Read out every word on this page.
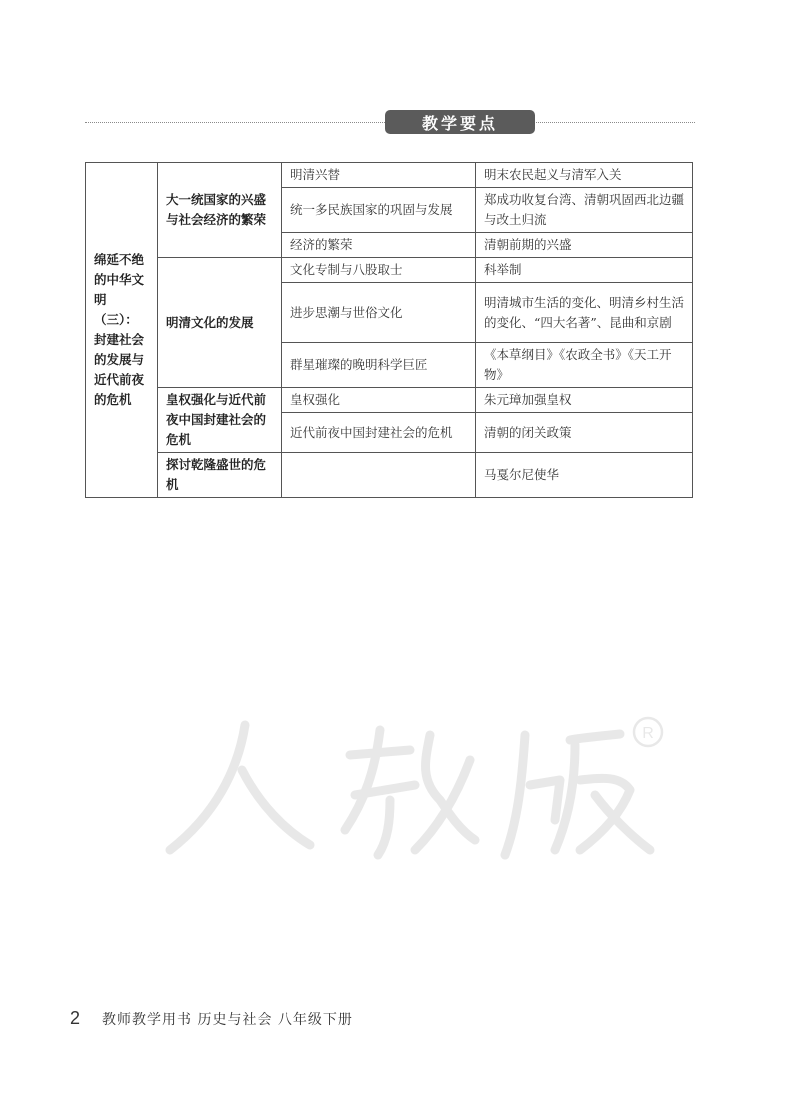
教学要点
绵延不绝的中华文明（三）：封建社会的发展与近代前夜的危机	大一统国家的兴盛与社会经济的繁荣	明清兴替	明末农民起义与清军入关
		统一多民族国家的巩固与发展	郑成功收复台湾、清朝巩固西北边疆与改土归流
		经济的繁荣	清朝前期的兴盛
	明清文化的发展	文化专制与八股取士	科举制
		进步思潮与世俗文化	明清城市生活的变化、明清乡村生活的变化、“四大名著”、昆曲和京剧
		群星璀璨的晚明科学巨匠	《本草纲目》《农政全书》《天工开物》
	皇权强化与近代前夜中国封建社会的危机	皇权强化	朱元璋加强皇权
		近代前夜中国封建社会的危机	清朝的闭关政策
	探讨乾隆盛世的危机		马戛尔尼使华
R
2 教师教学用书 历史与社会 八年级下册
